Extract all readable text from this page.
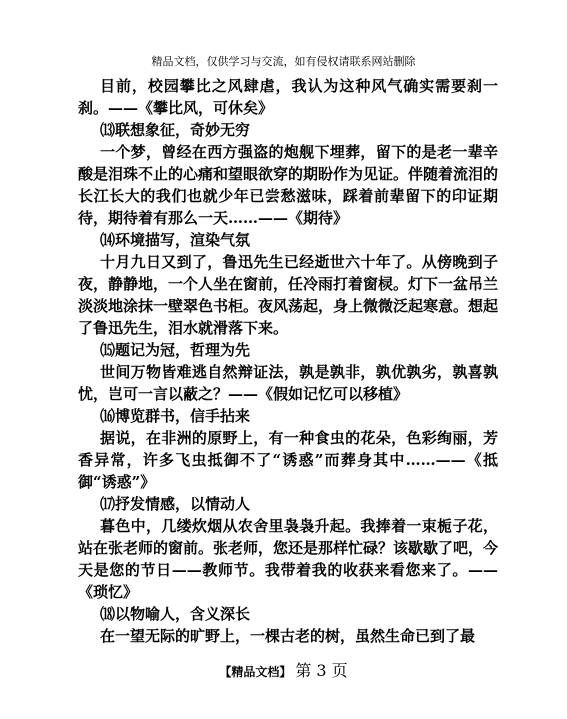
精品文档，仅供学习与交流，如有侵权请联系网站删除

目前，校园攀比之风肆虐，我认为这种风气确实需要刹一刹。——《攀比风，可休矣》

⒀联想象征，奇妙无穷

一个梦，曾经在西方强盗的炮舰下埋葬，留下的是老一辈辛酸是泪珠不止的心痛和望眼欲穿的期盼作为见证。伴随着流泪的长江长大的我们也就少年已尝愁滋味，踩着前辈留下的印证期待，期待着有那么一天……——《期待》

⒁环境描写，渲染气氛

十月九日又到了，鲁迅先生已经逝世六十年了。从傍晚到子夜，静静地，一个人坐在窗前，任冷雨打着窗棂。灯下一盆吊兰淡淡地涂抹一壁翠色书柜。夜风荡起，身上微微泛起寒意。想起了鲁迅先生，泪水就滑落下来。

⒂题记为冠，哲理为先

世间万物皆难逃自然辩证法，孰是孰非，孰优孰劣，孰喜孰忧，岂可一言以蔽之？——《假如记忆可以移植》

⒃博览群书，信手拈来

据说，在非洲的原野上，有一种食虫的花朵，色彩绚丽，芳香异常，许多飞虫抵御不了“诱惑”而葬身其中……——《抵御“诱惑”》

⒄抒发情感，以情动人

暮色中，几缕炊烟从农舍里袅袅升起。我捧着一束栀子花，站在张老师的窗前。张老师，您还是那样忙碌？该歇歇了吧，今天是您的节日——教师节。我带着我的收获来看您来了。——《琐忆》

⒅以物喻人，含义深长

在一望无际的旷野上，一棵古老的树，虽然生命已到了最

【精品文档】 第 3 页
